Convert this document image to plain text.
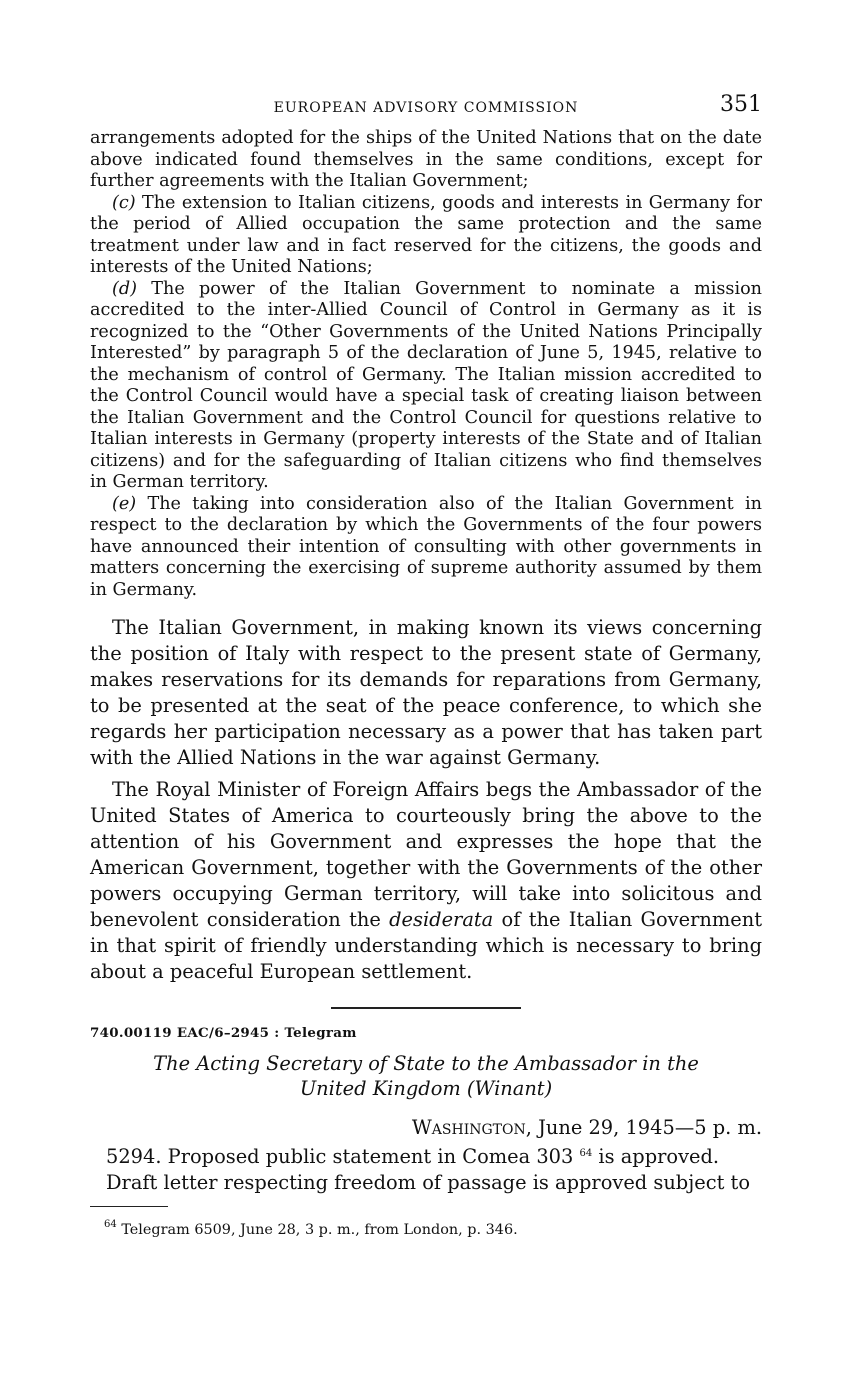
EUROPEAN ADVISORY COMMISSION	351

arrangements adopted for the ships of the United Nations that on the date above indicated found themselves in the same conditions, except for further agreements with the Italian Government;

(c) The extension to Italian citizens, goods and interests in Germany for the period of Allied occupation the same protection and the same treatment under law and in fact reserved for the citizens, the goods and interests of the United Nations;

(d) The power of the Italian Government to nominate a mission accredited to the inter-Allied Council of Control in Germany as it is recognized to the “Other Governments of the United Nations Principally Interested” by paragraph 5 of the declaration of June 5, 1945, relative to the mechanism of control of Germany. The Italian mission accredited to the Control Council would have a special task of creating liaison between the Italian Government and the Control Council for questions relative to Italian interests in Germany (property interests of the State and of Italian citizens) and for the safeguarding of Italian citizens who find themselves in German territory.

(e) The taking into consideration also of the Italian Government in respect to the declaration by which the Governments of the four powers have announced their intention of consulting with other governments in matters concerning the exercising of supreme authority assumed by them in Germany.

The Italian Government, in making known its views concerning the position of Italy with respect to the present state of Germany, makes reservations for its demands for reparations from Germany, to be presented at the seat of the peace conference, to which she regards her participation necessary as a power that has taken part with the Allied Nations in the war against Germany.

The Royal Minister of Foreign Affairs begs the Ambassador of the United States of America to courteously bring the above to the attention of his Government and expresses the hope that the American Government, together with the Governments of the other powers occupying German territory, will take into solicitous and benevolent consideration the desiderata of the Italian Government in that spirit of friendly understanding which is necessary to bring about a peaceful European settlement.

740.00119 EAC/6–2945 : Telegram
The Acting Secretary of State to the Ambassador in the United Kingdom (Winant)
Washington, June 29, 1945—5 p. m.

5294. Proposed public statement in Comea 303 $^{64}$ is approved.

Draft letter respecting freedom of passage is approved subject to

$^{64}$ Telegram 6509, June 28, 3 p. m., from London, p. 346.
